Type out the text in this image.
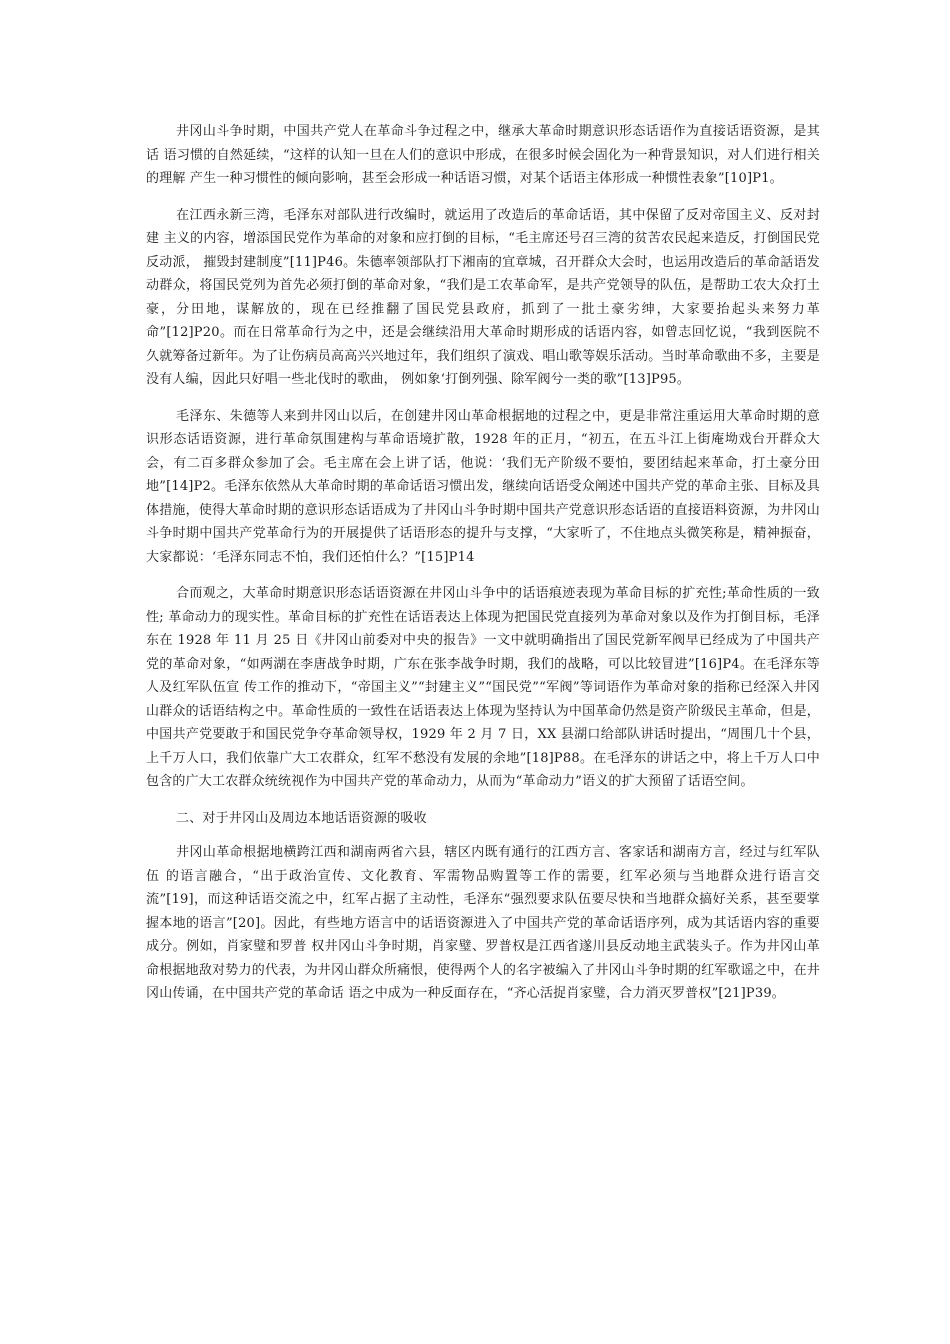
井冈山斗争时期，中国共产党人在革命斗争过程之中，继承大革命时期意识形态话语作为直接话语资源，是其话 语习惯的自然延续，“这样的认知一旦在人们的意识中形成，在很多时候会固化为一种背景知识，对人们进行相关的理解 产生一种习惯性的倾向影响，甚至会形成一种话语习惯，对某个话语主体形成一种惯性表象”[10]P1。

在江西永新三湾，毛泽东对部队进行改编时，就运用了改造后的革命话语，其中保留了反对帝国主义、反对封建 主义的内容，增添国民党作为革命的对象和应打倒的目标，“毛主席还号召三湾的贫苦农民起来造反，打倒国民党反动派， 摧毁封建制度”[11]P46。朱德率领部队打下湘南的宜章城，召开群众大会时，也运用改造后的革命話语发动群众，将国民党列为首先必须打倒的革命对象，“我们是工农革命军，是共产党领导的队伍，是帮助工农大众打土豪，分田地，谋解放的，现在已经推翻了国民党县政府，抓到了一批土豪劣绅，大家要抬起头来努力革命”[12]P20。而在日常革命行为之中，还是会继续沿用大革命时期形成的话语内容，如曾志回忆说，“我到医院不久就筹备过新年。为了让伤病员高高兴兴地过年，我们组织了演戏、唱山歌等娱乐活动。当时革命歌曲不多，主要是没有人编，因此只好唱一些北伐时的歌曲， 例如象‘打倒列强、除军阀兮一类的歌”[13]P95。

毛泽东、朱德等人来到井冈山以后，在创建井冈山革命根据地的过程之中，更是非常注重运用大革命时期的意识形态话语资源，进行革命氛围建构与革命语境扩散，1928 年的正月，“初五，在五斗江上街庵坳戏台开群众大会，有二百多群众参加了会。毛主席在会上讲了话，他说：‘我们无产阶级不要怕，要团结起来革命，打土豪分田地”[14]P2。毛泽东依然从大革命时期的革命话语习惯出发，继续向话语受众阐述中国共产党的革命主张、目标及具体措施，使得大革命时期的意识形态话语成为了井冈山斗争时期中国共产党意识形态话语的直接语料资源，为井冈山斗争时期中国共产党革命行为的开展提供了话语形态的提升与支撑，“大家听了，不住地点头微笑称是，精神振奋，大家都说：‘毛泽东同志不怕，我们还怕什么？”[15]P14

合而观之，大革命时期意识形态话语资源在井冈山斗争中的话语痕迹表现为革命目标的扩充性;革命性质的一致性; 革命动力的现实性。革命目标的扩充性在话语表达上体现为把国民党直接列为革命对象以及作为打倒目标，毛泽东在 1928 年 11 月 25 日《井冈山前委对中央的报告》一文中就明确指出了国民党新军阀早已经成为了中国共产党的革命对象，“如两湖在李唐战争时期，广东在张李战争时期，我们的战略，可以比较冒进”[16]P4。在毛泽东等人及红军队伍宣 传工作的推动下，“帝国主义”“封建主义”“国民党”“军阀”等词语作为革命对象的指称已经深入井冈山群众的话语结构之中。革命性质的一致性在话语表达上体现为坚持认为中国革命仍然是资产阶级民主革命，但是，中国共产党要敢于和国民党争夺革命领导权，1929 年 2 月 7 日，XX 县湖口给部队讲话时提出，“周围几十个县，上千万人口，我们依靠广大工农群众，红军不愁没有发展的余地”[18]P88。在毛泽东的讲话之中，将上千万人口中包含的广大工农群众统统视作为中国共产党的革命动力，从而为“革命动力”语义的扩大预留了话语空间。

二、对于井冈山及周边本地话语资源的吸收

井冈山革命根据地横跨江西和湖南两省六县，辖区内既有通行的江西方言、客家话和湖南方言，经过与红军队伍 的语言融合，“出于政治宣传、文化教育、军需物品购置等工作的需要，红军必须与当地群众进行语言交流”[19]，而这种话语交流之中，红军占据了主动性，毛泽东“强烈要求队伍要尽快和当地群众搞好关系，甚至要掌握本地的语言”[20]。因此，有些地方语言中的话语资源进入了中国共产党的革命话语序列，成为其话语内容的重要成分。例如，肖家璧和罗普 权井冈山斗争时期，肖家璧、罗普权是江西省遂川县反动地主武装头子。作为井冈山革命根据地敌对势力的代表，为井冈山群众所痛恨，使得两个人的名字被编入了井冈山斗争时期的红军歌谣之中，在井冈山传诵，在中国共产党的革命话 语之中成为一种反面存在，“齐心活捉肖家璧，合力消灭罗普权”[21]P39。
